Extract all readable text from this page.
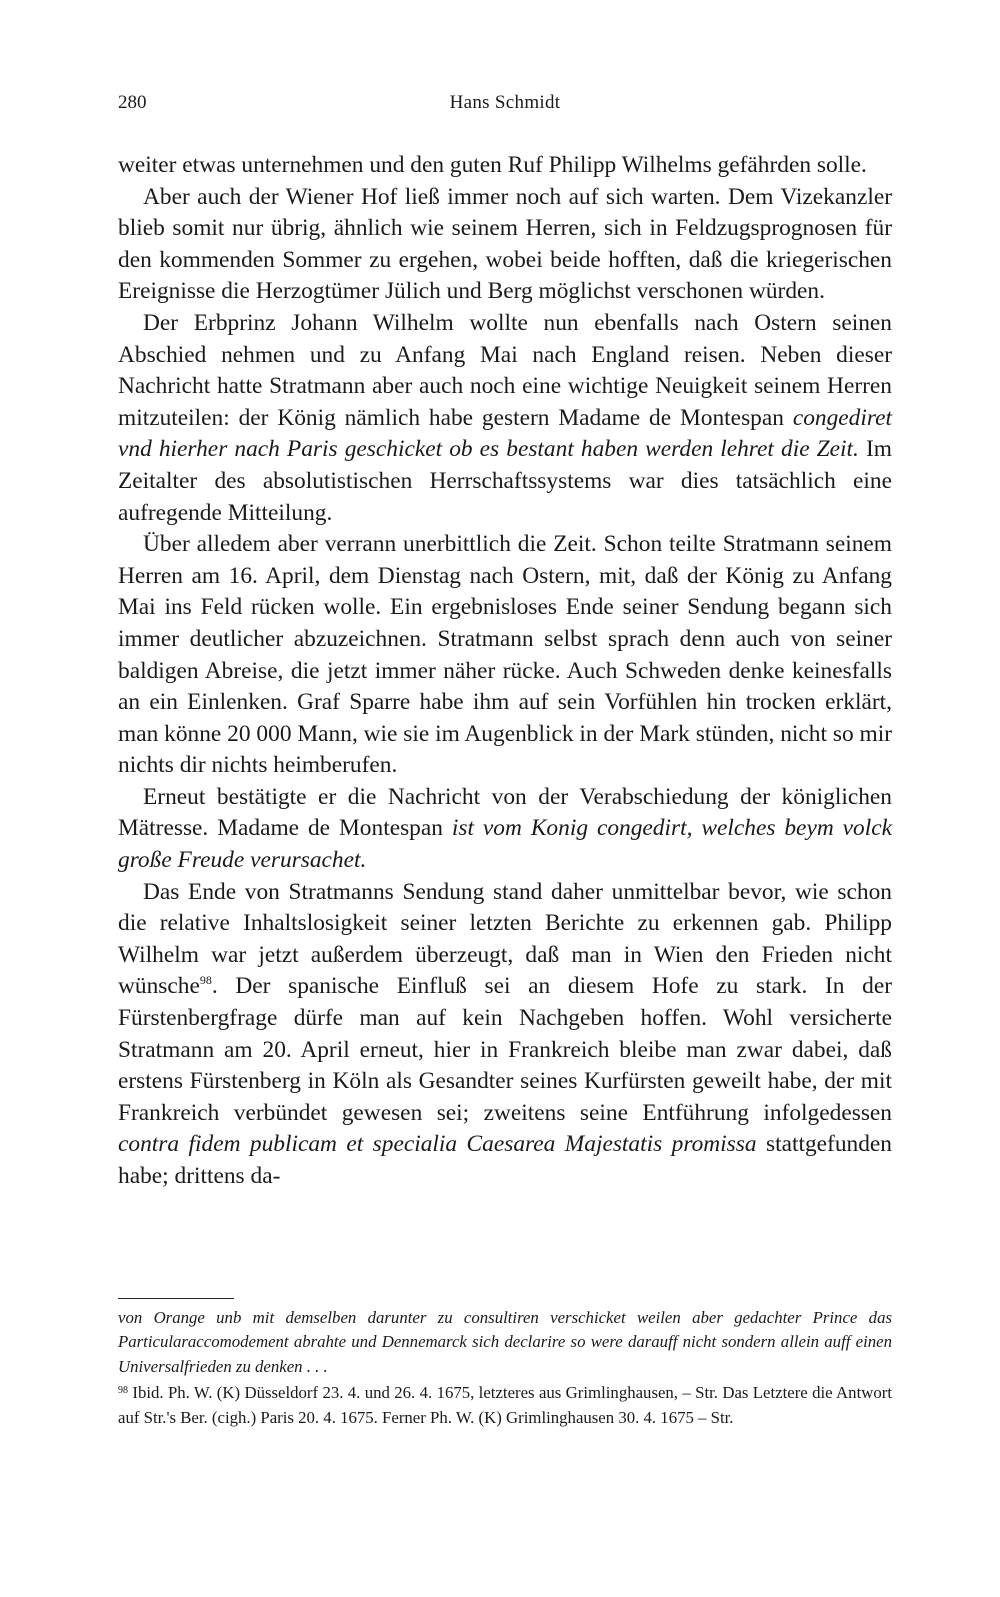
280	Hans Schmidt

weiter etwas unternehmen und den guten Ruf Philipp Wilhelms gefährden solle.

Aber auch der Wiener Hof ließ immer noch auf sich warten. Dem Vizekanzler blieb somit nur übrig, ähnlich wie seinem Herren, sich in Feldzugsprognosen für den kommenden Sommer zu ergehen, wobei beide hofften, daß die kriegerischen Ereignisse die Herzogtümer Jülich und Berg möglichst verschonen würden.

Der Erbprinz Johann Wilhelm wollte nun ebenfalls nach Ostern seinen Abschied nehmen und zu Anfang Mai nach England reisen. Neben dieser Nachricht hatte Stratmann aber auch noch eine wichtige Neuigkeit seinem Herren mitzuteilen: der König nämlich habe gestern Madame de Montespan congediret vnd hierher nach Paris geschicket ob es bestant haben werden lehret die Zeit. Im Zeitalter des absolutistischen Herrschaftssystems war dies tatsächlich eine aufregende Mitteilung.

Über alledem aber verrann unerbittlich die Zeit. Schon teilte Stratmann seinem Herren am 16. April, dem Dienstag nach Ostern, mit, daß der König zu Anfang Mai ins Feld rücken wolle. Ein ergebnisloses Ende seiner Sendung begann sich immer deutlicher abzuzeichnen. Stratmann selbst sprach denn auch von seiner baldigen Abreise, die jetzt immer näher rücke. Auch Schweden denke keinesfalls an ein Einlenken. Graf Sparre habe ihm auf sein Vorfühlen hin trocken erklärt, man könne 20 000 Mann, wie sie im Augenblick in der Mark stünden, nicht so mir nichts dir nichts heimberufen.

Erneut bestätigte er die Nachricht von der Verabschiedung der königlichen Mätresse. Madame de Montespan ist vom Konig congedirt, welches beym volck große Freude verursachet.

Das Ende von Stratmanns Sendung stand daher unmittelbar bevor, wie schon die relative Inhaltslosigkeit seiner letzten Berichte zu erkennen gab. Philipp Wilhelm war jetzt außerdem überzeugt, daß man in Wien den Frieden nicht wünsche$^{98}$. Der spanische Einfluß sei an diesem Hofe zu stark. In der Fürstenbergfrage dürfe man auf kein Nachgeben hoffen. Wohl versicherte Stratmann am 20. April erneut, hier in Frankreich bleibe man zwar dabei, daß erstens Fürstenberg in Köln als Gesandter seines Kurfürsten geweilt habe, der mit Frankreich verbündet gewesen sei; zweitens seine Entführung infolgedessen contra fidem publicam et specialia Caesarea Majestatis promissa stattgefunden habe; drittens da-

von Orange unb mit demselben darunter zu consultiren verschicket weilen aber gedachter Prince das Particularaccomodement abrahte und Dennemarck sich declarire so were darauff nicht sondern allein auff einen Universalfrieden zu denken . . .

$^{98}$ Ibid. Ph. W. (K) Düsseldorf 23. 4. und 26. 4. 1675, letzteres aus Grimlinghausen, – Str. Das Letztere die Antwort auf Str.'s Ber. (cigh.) Paris 20. 4. 1675. Ferner Ph. W. (K) Grimlinghausen 30. 4. 1675 – Str.
